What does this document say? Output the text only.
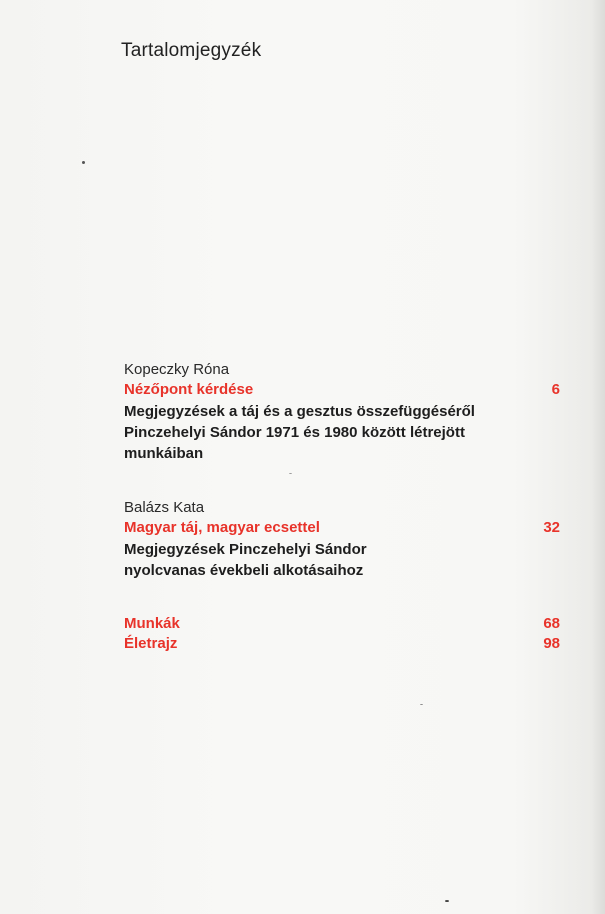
Tartalomjegyzék
Kopeczky Róna
Nézőpont kérdése	6
Megjegyzések a táj és a gesztus összefüggéséről
Pinczehelyi Sándor 1971 és 1980 között létrejött
munkáiban
Balázs Kata
Magyar táj, magyar ecsettel	32
Megjegyzések Pinczehelyi Sándor
nyolcvanas évekbeli alkotásaihoz
Munkák	68
Életrajz	98
